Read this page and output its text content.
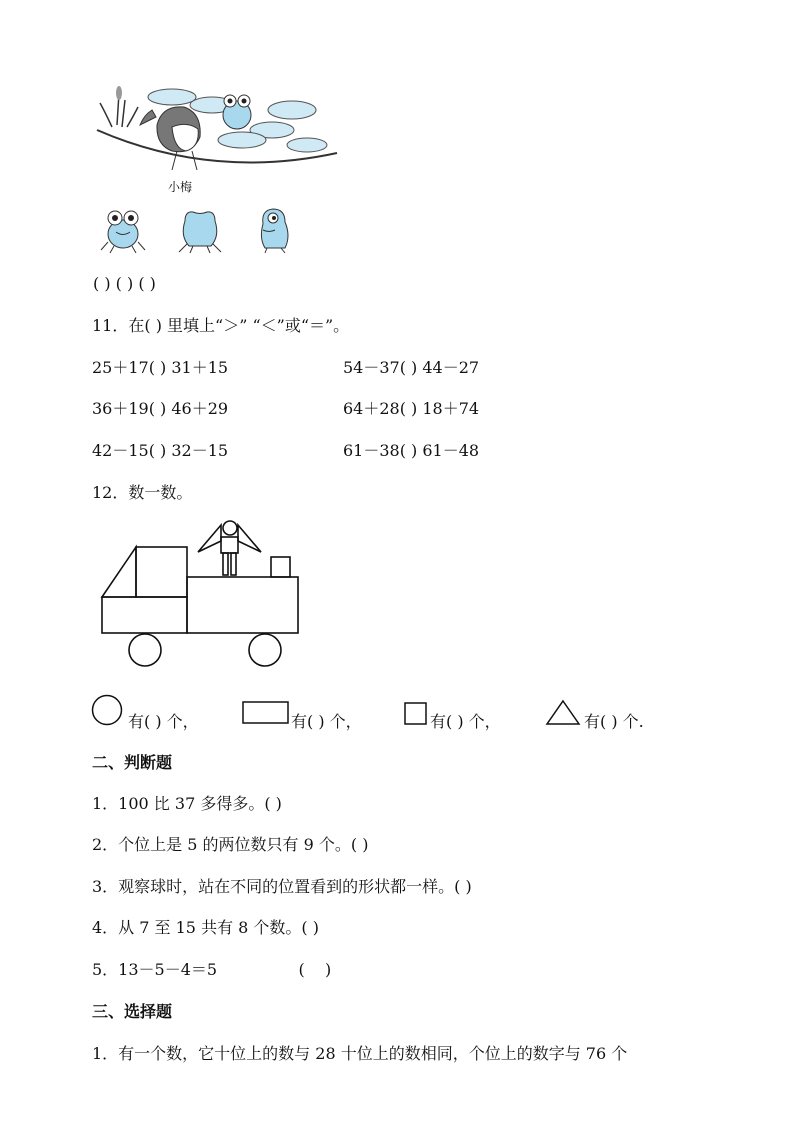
小梅
( ) ( ) ( )
11．在( ) 里填上“＞” “＜”或“＝”。
25＋17( ) 31＋15	54－37( ) 44－27
36＋19( ) 46＋29	64＋28( ) 18＋74
42－15( ) 32－15	61－38( ) 61－48
12．数一数。
有( ) 个，	有( ) 个，	有( ) 个，	有( ) 个.
二、判断题
1．100 比 37 多得多。( )
2．个位上是 5 的两位数只有 9 个。( )
3．观察球时，站在不同的位置看到的形状都一样。( )
4．从 7 至 15 共有 8 个数。( )
5．13－5－4＝5                (    )
三、选择题
1．有一个数，它十位上的数与 28 十位上的数相同，个位上的数字与 76 个
